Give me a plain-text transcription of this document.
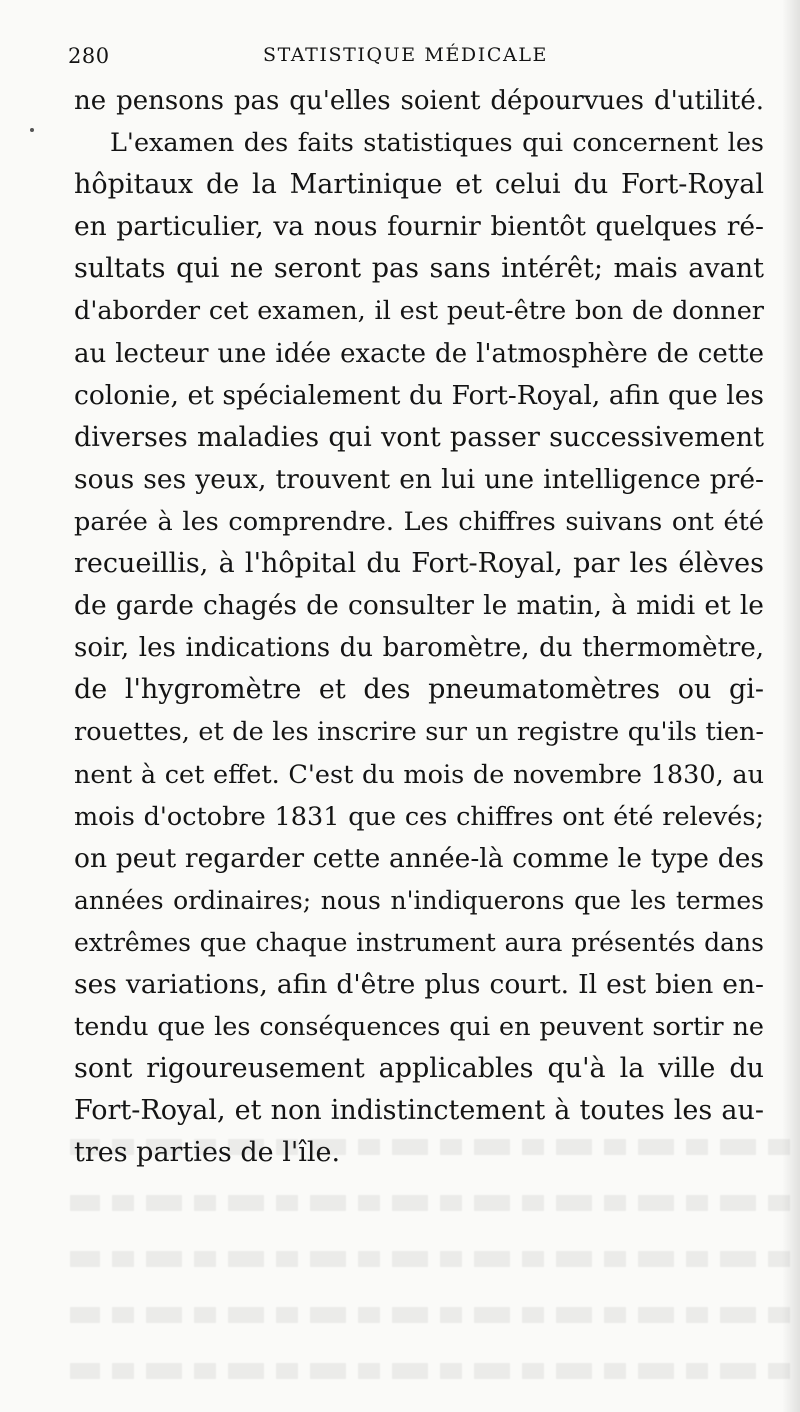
280	STATISTIQUE MÉDICALE
ne pensons pas qu'elles soient dépourvues d'utilité.
L'examen des faits statistiques qui concernent les
hôpitaux de la Martinique et celui du Fort-Royal
en particulier, va nous fournir bientôt quelques ré-
sultats qui ne seront pas sans intérêt; mais avant
d'aborder cet examen, il est peut-être bon de donner
au lecteur une idée exacte de l'atmosphère de cette
colonie, et spécialement du Fort-Royal, afin que les
diverses maladies qui vont passer successivement
sous ses yeux, trouvent en lui une intelligence pré-
parée à les comprendre. Les chiffres suivans ont été
recueillis, à l'hôpital du Fort-Royal, par les élèves
de garde chagés de consulter le matin, à midi et le
soir, les indications du baromètre, du thermomètre,
de l'hygromètre et des pneumatomètres ou gi-
rouettes, et de les inscrire sur un registre qu'ils tien-
nent à cet effet. C'est du mois de novembre 1830, au
mois d'octobre 1831 que ces chiffres ont été relevés;
on peut regarder cette année-là comme le type des
années ordinaires; nous n'indiquerons que les termes
extrêmes que chaque instrument aura présentés dans
ses variations, afin d'être plus court. Il est bien en-
tendu que les conséquences qui en peuvent sortir ne
sont rigoureusement applicables qu'à la ville du
Fort-Royal, et non indistinctement à toutes les au-
tres parties de l'île.
